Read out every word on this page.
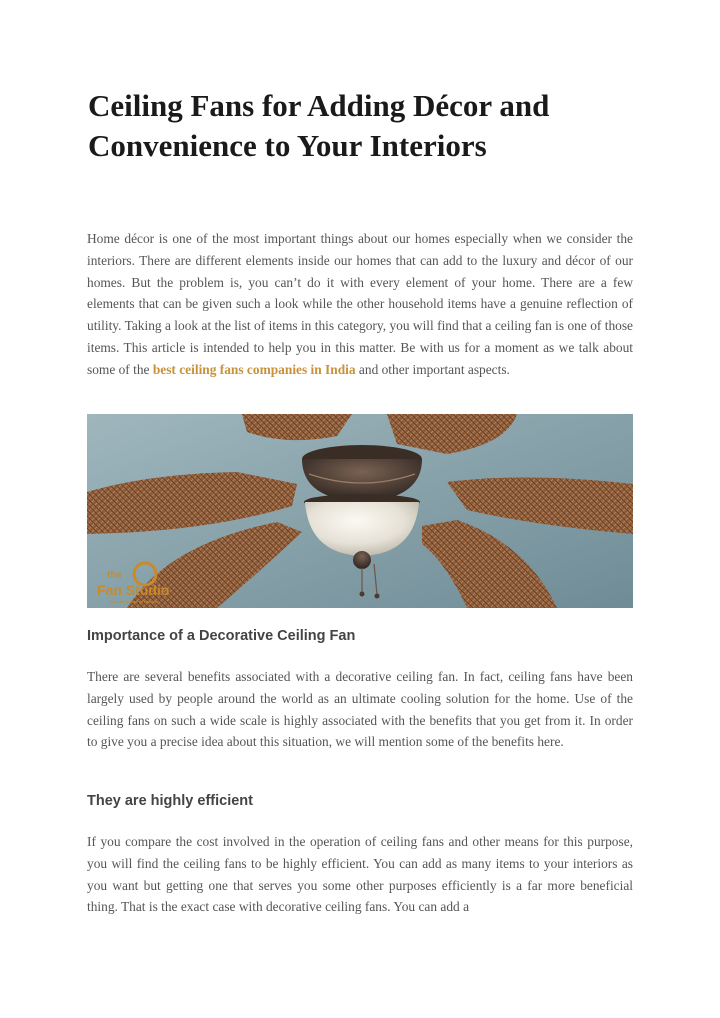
Ceiling Fans for Adding Décor and Convenience to Your Interiors

Home décor is one of the most important things about our homes especially when we consider the interiors. There are different elements inside our homes that can add to the luxury and décor of our homes. But the problem is, you can’t do it with every element of your home. There are a few elements that can be given such a look while the other household items have a genuine reflection of utility. Taking a look at the list of items in this category, you will find that a ceiling fan is one of those items. This article is intended to help you in this matter. Be with us for a moment as we talk about some of the best ceiling fans companies in India and other important aspects.

the
Fan Studio
from the house of Havells
Importance of a Decorative Ceiling Fan

There are several benefits associated with a decorative ceiling fan. In fact, ceiling fans have been largely used by people around the world as an ultimate cooling solution for the home. Use of the ceiling fans on such a wide scale is highly associated with the benefits that you get from it. In order to give you a precise idea about this situation, we will mention some of the benefits here.

They are highly efficient

If you compare the cost involved in the operation of ceiling fans and other means for this purpose, you will find the ceiling fans to be highly efficient. You can add as many items to your interiors as you want but getting one that serves you some other purposes efficiently is a far more beneficial thing. That is the exact case with decorative ceiling fans. You can add a
